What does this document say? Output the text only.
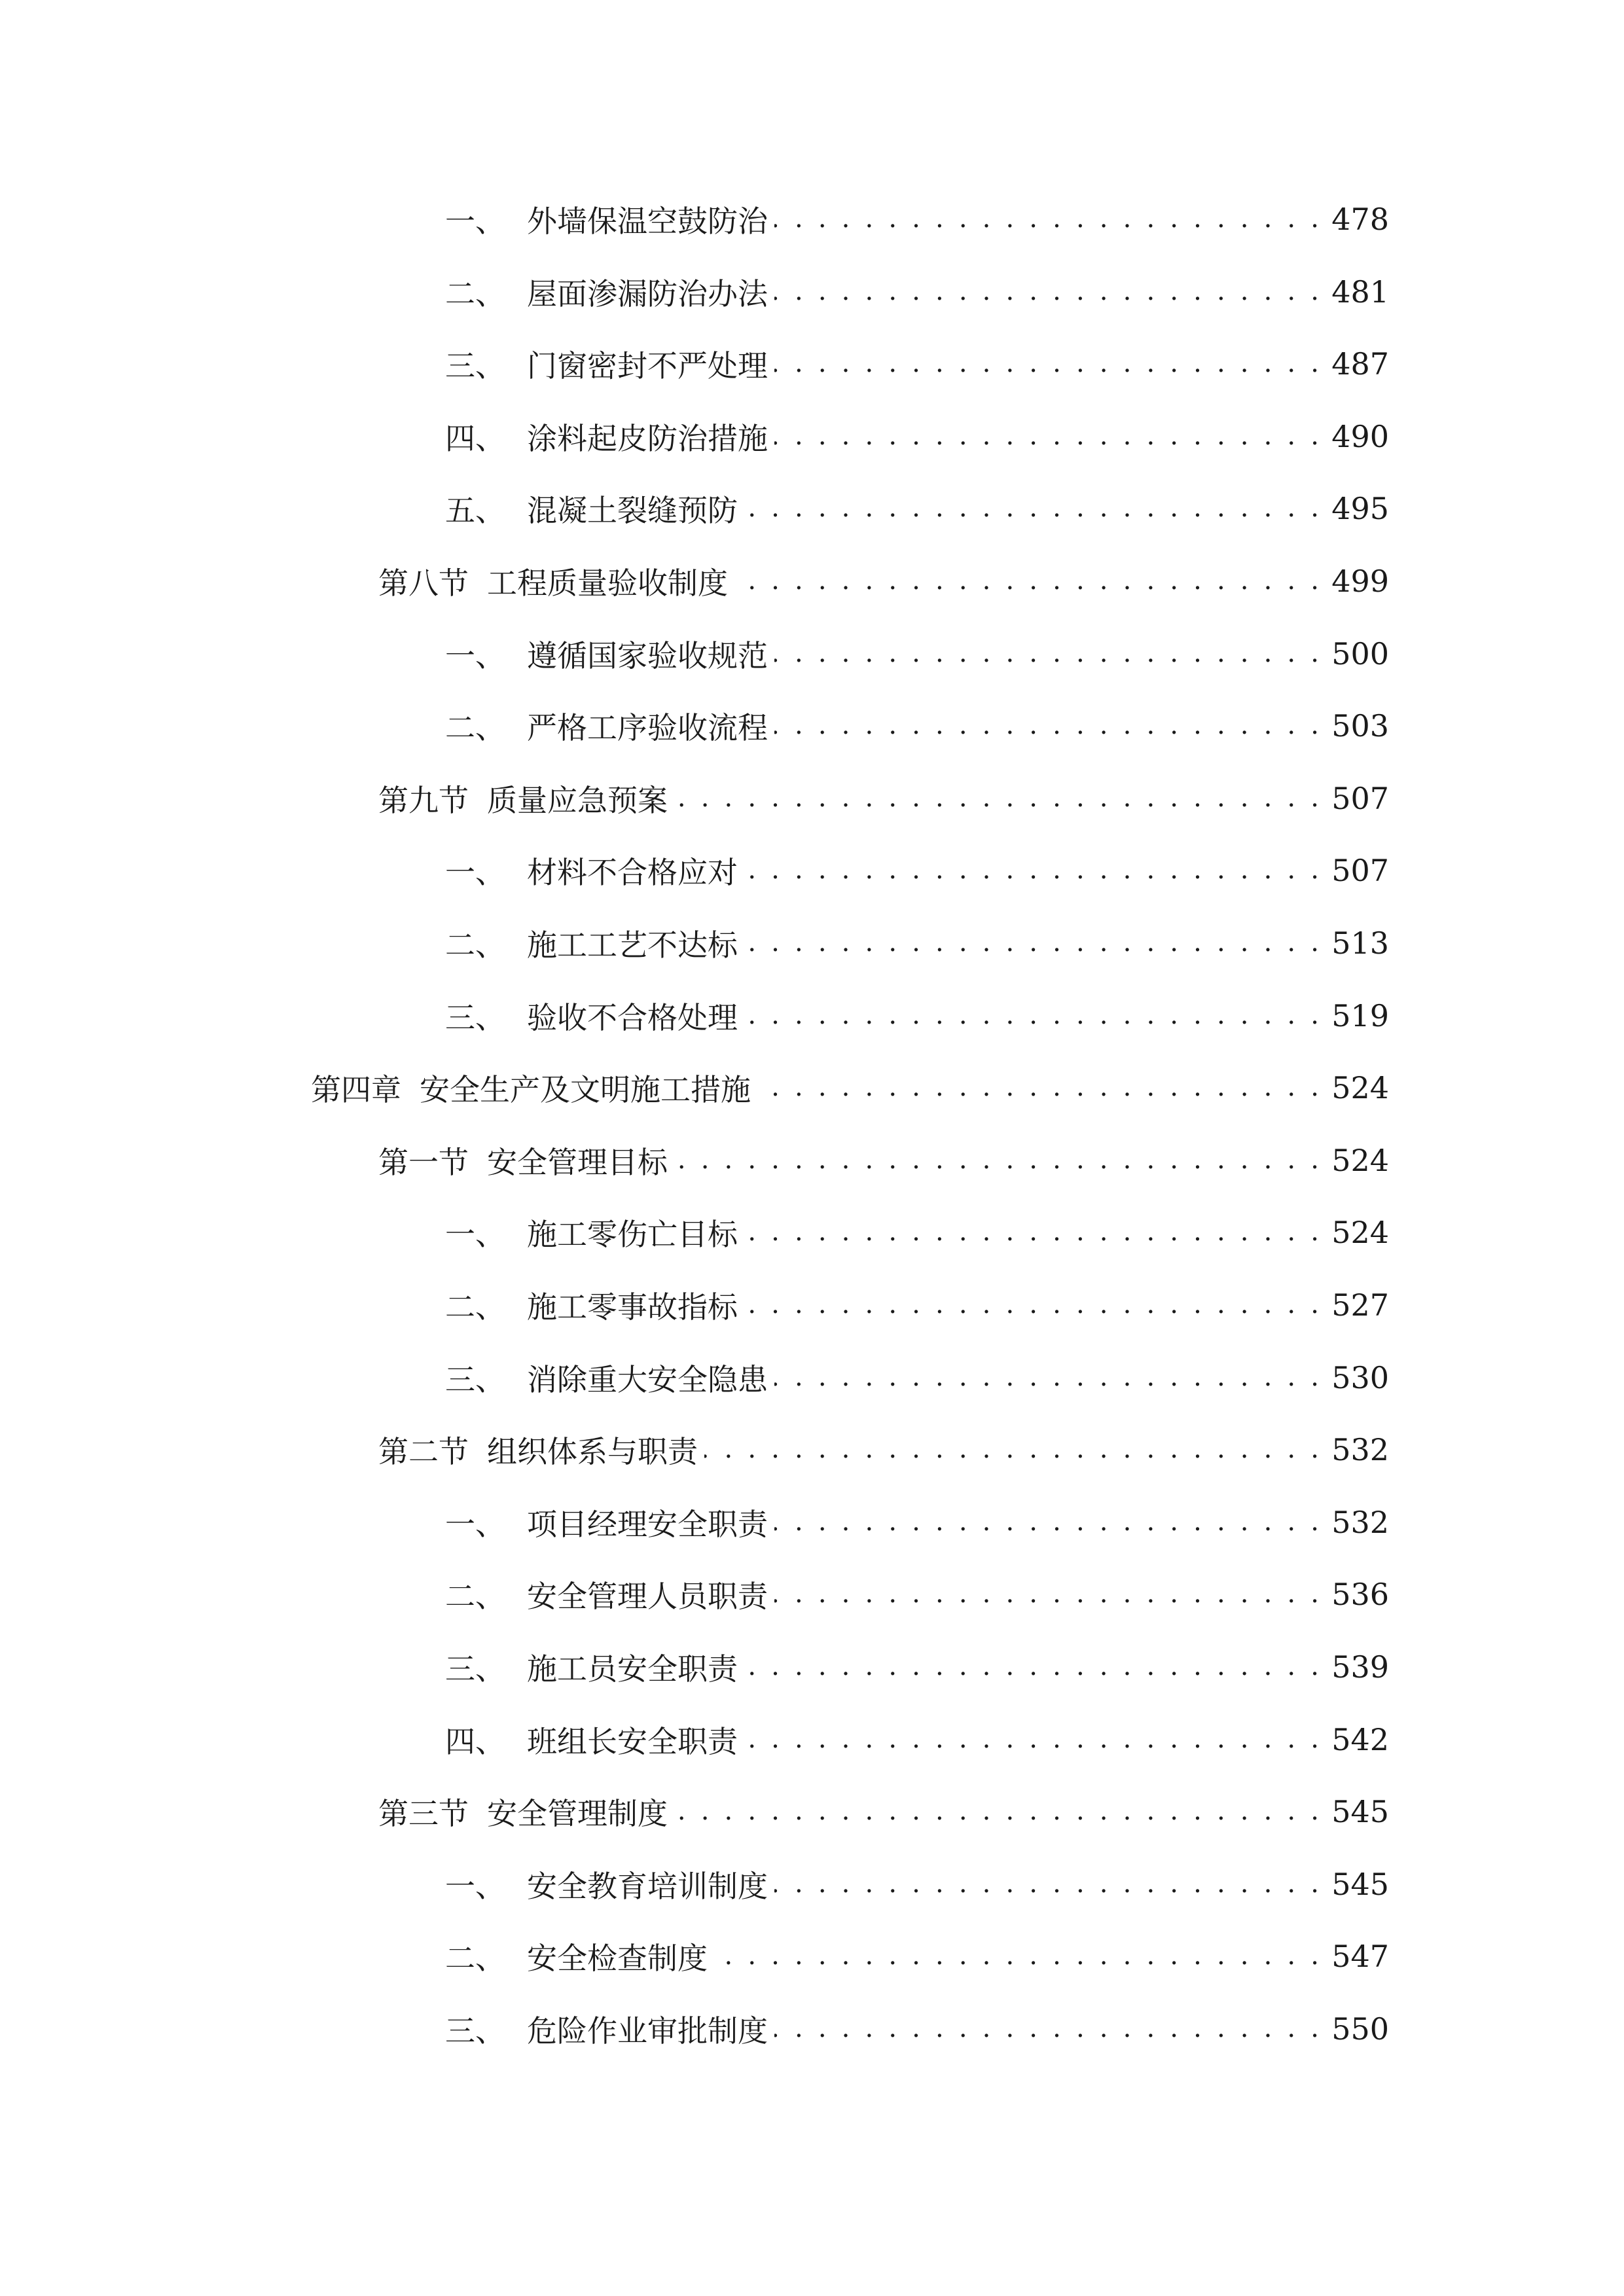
一、 外墙保温空鼓防治 . . .	478
二、 屋面渗漏防治办法 . . .	481
三、 门窗密封不严处理 . . .	487
四、 涂料起皮防治措施 . . .	490
五、 混凝土裂缝预防 . . .	495
第八节 工程质量验收制度 . . .	499
一、 遵循国家验收规范 . . .	500
二、 严格工序验收流程 . . .	503
第九节 质量应急预案 . . .	507
一、 材料不合格应对 . . .	507
二、 施工工艺不达标 . . .	513
三、 验收不合格处理 . . .	519
第四章 安全生产及文明施工措施 . . .	524
第一节 安全管理目标 . . .	524
一、 施工零伤亡目标 . . .	524
二、 施工零事故指标 . . .	527
三、 消除重大安全隐患 . . .	530
第二节 组织体系与职责 . . .	532
一、 项目经理安全职责 . . .	532
二、 安全管理人员职责 . . .	536
三、 施工员安全职责 . . .	539
四、 班组长安全职责 . . .	542
第三节 安全管理制度 . . .	545
一、 安全教育培训制度 . . .	545
二、 安全检查制度 . . .	547
三、 危险作业审批制度 . . .	550
